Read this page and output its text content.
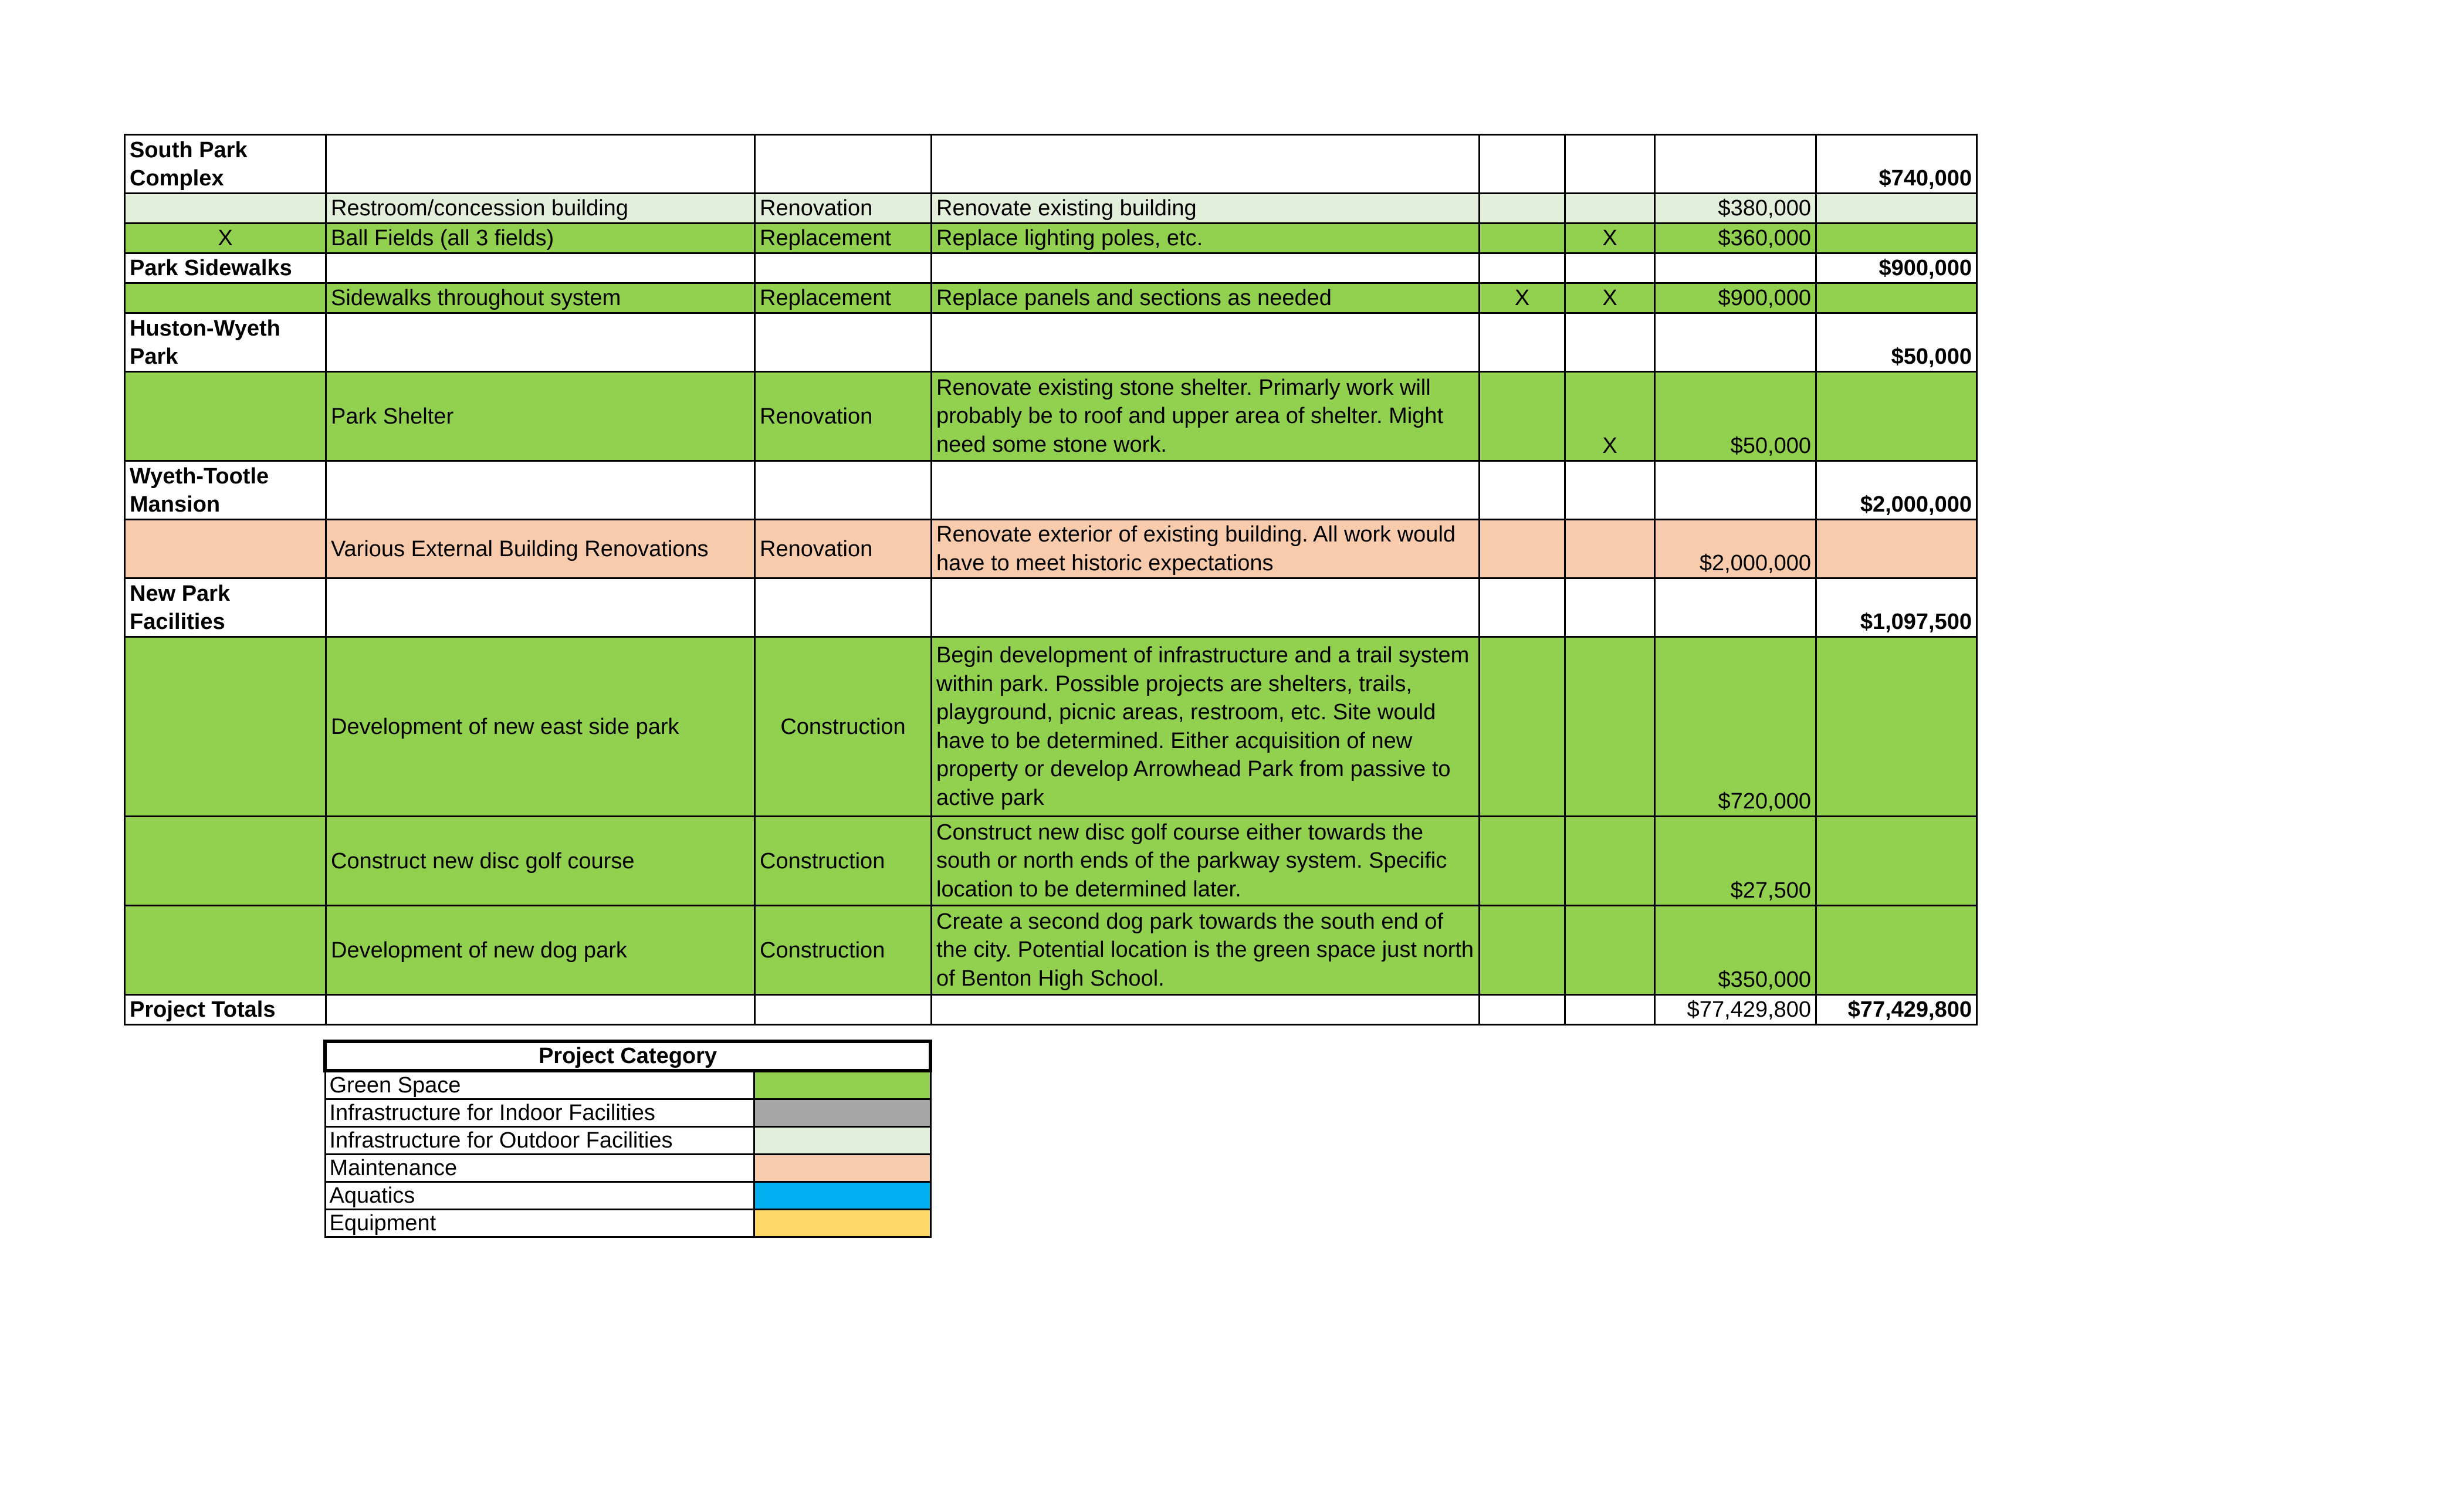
South Park Complex							$740,000
	Restroom/concession building	Renovation	Renovate existing building			$380,000	
X	Ball Fields (all 3 fields)	Replacement	Replace lighting poles, etc.		X	$360,000	
Park Sidewalks							$900,000
	Sidewalks throughout system	Replacement	Replace panels and sections as needed	X	X	$900,000	
Huston-Wyeth Park							$50,000
	Park Shelter	Renovation	Renovate existing stone shelter. Primarly work will probably be to roof and upper area of shelter. Might need some stone work.		X	$50,000	
Wyeth-Tootle Mansion							$2,000,000
	Various External Building Renovations	Renovation	Renovate exterior of existing building. All work would have to meet historic expectations			$2,000,000	
New Park Facilities							$1,097,500
	Development of new east side park	Construction	Begin development of infrastructure and a trail system within park. Possible projects are shelters, trails, playground, picnic areas, restroom, etc. Site would have to be determined. Either acquisition of new property or develop Arrowhead Park from passive to active park			$720,000	
	Construct new disc golf course	Construction	Construct new disc golf course either towards the south or north ends of the parkway system. Specific location to be determined later.			$27,500	
	Development of new dog park	Construction	Create a second dog park towards the south end of the city. Potential location is the green space just north of Benton High School.			$350,000	
Project Totals						$77,429,800	$77,429,800
Project Category	
Green Space	
Infrastructure for Indoor Facilities	
Infrastructure for Outdoor Facilities	
Maintenance	
Aquatics	
Equipment	
